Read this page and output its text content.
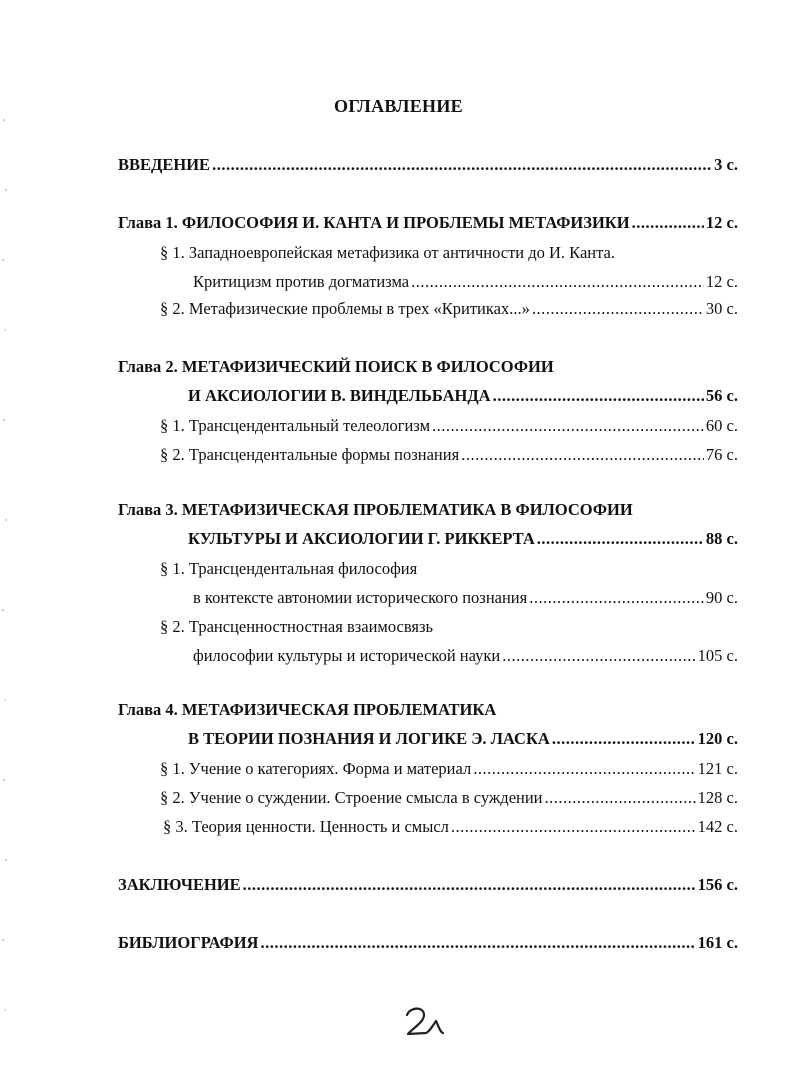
ОГЛАВЛЕНИЕ
ВВЕДЕНИЕ .....	3 с.
Глава 1. ФИЛОСОФИЯ И. КАНТА И ПРОБЛЕМЫ МЕТАФИЗИКИ .....	12 с.
§ 1. Западноевропейская метафизика от античности до И. Канта.
Критицизм против догматизма .....	12 с.
§ 2. Метафизические проблемы в трех «Критиках...» .....	30 с.
Глава 2. МЕТАФИЗИЧЕСКИЙ ПОИСК В ФИЛОСОФИИ
И АКСИОЛОГИИ В. ВИНДЕЛЬБАНДА .....	56 с.
§ 1. Трансцендентальный телеологизм .....	60 с.
§ 2. Трансцендентальные формы познания .....	76 с.
Глава 3. МЕТАФИЗИЧЕСКАЯ ПРОБЛЕМАТИКА В ФИЛОСОФИИ
КУЛЬТУРЫ И АКСИОЛОГИИ Г. РИККЕРТА .....	88 с.
§ 1. Трансцендентальная философия
в контексте автономии исторического познания .....	90 с.
§ 2. Трансценностностная взаимосвязь
философии культуры и исторической науки .....	105 с.
Глава 4. МЕТАФИЗИЧЕСКАЯ ПРОБЛЕМАТИКА
В ТЕОРИИ ПОЗНАНИЯ И ЛОГИКЕ Э. ЛАСКА .....	120 с.
§ 1. Учение о категориях. Форма и материал .....	121 с.
§ 2. Учение о суждении. Строение смысла в суждении .....	128 с.
§ 3. Теория ценности. Ценность и смысл .....	142 с.
ЗАКЛЮЧЕНИЕ .....	156 с.
БИБЛИОГРАФИЯ .....	161 с.
